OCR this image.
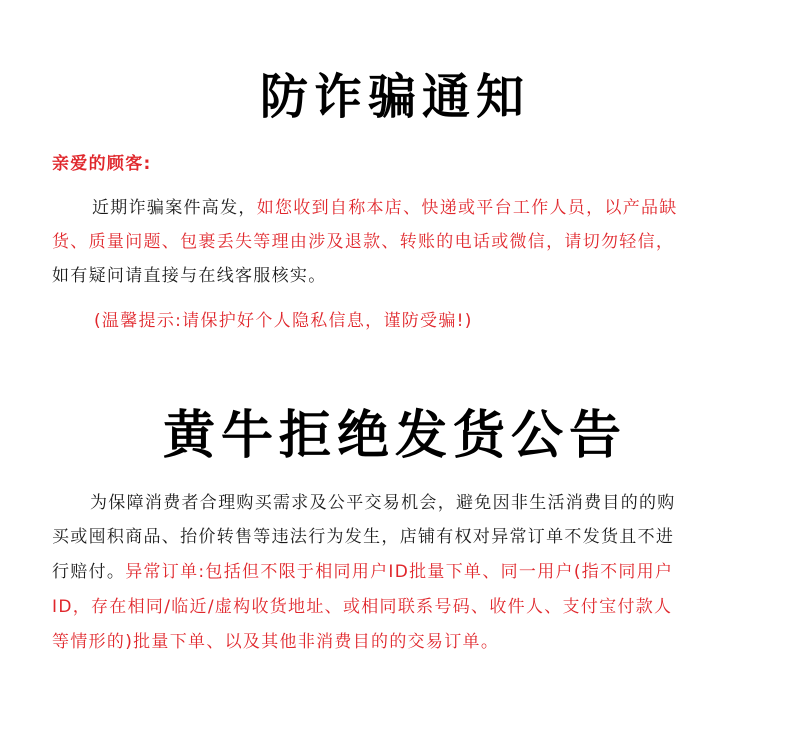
防诈骗通知
亲爱的顾客:
近期诈骗案件高发，如您收到自称本店、快递或平台工作人员，以产品缺
货、质量问题、包裹丢失等理由涉及退款、转账的电话或微信，请切勿轻信，
如有疑问请直接与在线客服核实。
(温馨提示:请保护好个人隐私信息，谨防受骗!)
黄牛拒绝发货公告
为保障消费者合理购买需求及公平交易机会，避免因非生活消费目的的购
买或囤积商品、抬价转售等违法行为发生，店铺有权对异常订单不发货且不进
行赔付。异常订单:包括但不限于相同用户ID批量下单、同一用户(指不同用户
ID，存在相同/临近/虚构收货地址、或相同联系号码、收件人、支付宝付款人
等情形的)批量下单、以及其他非消费目的的交易订单。
